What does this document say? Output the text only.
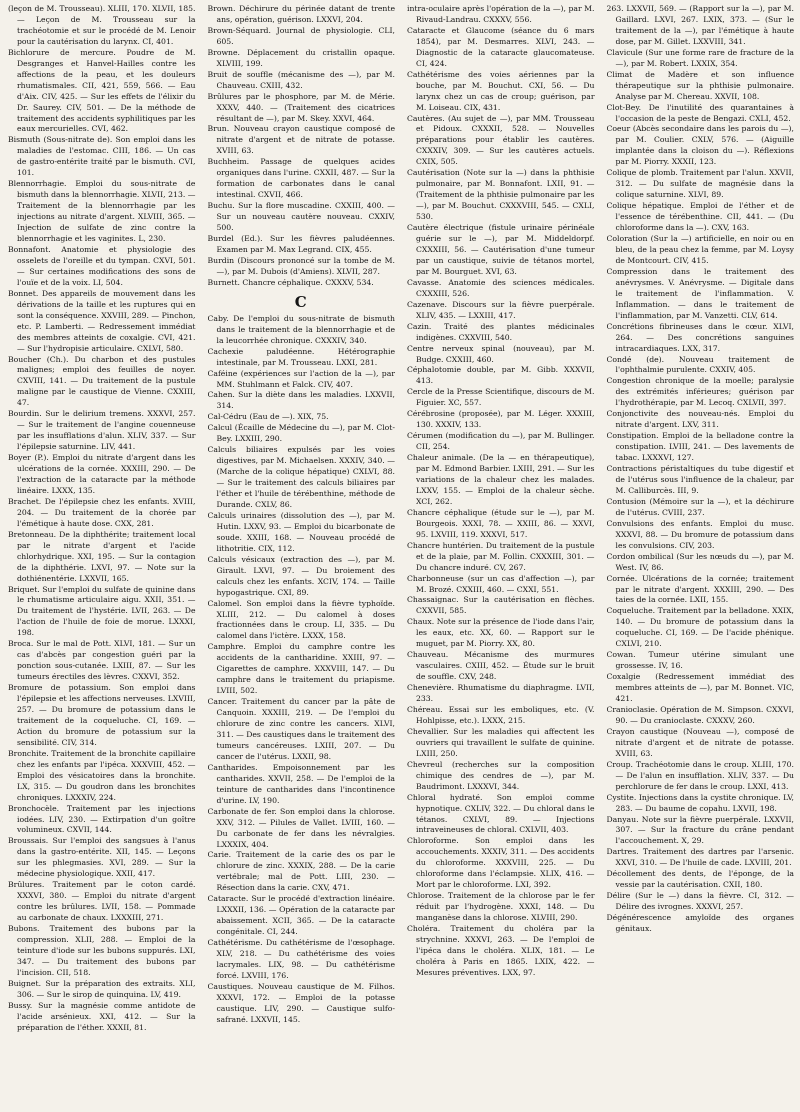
(leçon de M. Trousseau). XLIII, 170. XLVII, 185. — Leçon de M. Trousseau sur la trachéotomie et sur le procédé de M. Lenoir pour la cautérisation du larynx. CI, 401.

Bichlorure de mercure. Poudre de M. Desgranges et Hanvel-Hailles contre les affections de la peau, et les douleurs rhumatismales. CII, 421, 559, 566. — Eau d'Aix. CIV, 425. — Sur les effets de l'élixir du Dr. Saurey. CIV, 501. — De la méthode de traitement des accidents syphilitiques par les eaux mercurielles. CVI, 462.

Bismuth (Sous-nitrate de). Son emploi dans les maladies de l'estomac. CIII, 186. — Un cas de gastro-entérite traité par le bismuth. CVI, 101.

Blennorrhagie. Emploi du sous-nitrate de bismuth dans la blennorrhagie. XLVII, 213. — Traitement de la blennorrhagie par les injections au nitrate d'argent. XLVIII, 365. — Injection de sulfate de zinc contre la blennorrhagie et les vaginites. L, 230.

Bonnafont. Anatomie et physiologie des osselets de l'oreille et du tympan. CXVI, 501. — Sur certaines modifications des sons de l'ouïe et de la voix. LI, 504.

Bonnet. Des appareils de mouvement dans les dérivations de la taille et les ruptures qui en sont la conséquence. XXVIII, 289. — Pinchon, etc. P. Lamberti. — Redressement immédiat des membres atteints de coxalgie. CVI, 421. — Sur l'hydropisie articulaire. CXLVI, 580.

Boucher (Ch.). Du charbon et des pustules malignes; emploi des feuilles de noyer. CXVIII, 141. — Du traitement de la pustule maligne par le caustique de Vienne. CXXIII, 47.

Bourdin. Sur le delirium tremens. XXXVI, 257. — Sur le traitement de l'angine couenneuse par les insufflations d'alun. XLIV, 337. — Sur l'épilepsie saturnine. LIV, 441.

Boyer (P.). Emploi du nitrate d'argent dans les ulcérations de la cornée. XXXIII, 290. — De l'extraction de la cataracte par la méthode linéaire. LXXX, 135.

Brachet. De l'épilepsie chez les enfants. XVIII, 204. — Du traitement de la chorée par l'émétique à haute dose. CXX, 281.

Bretonneau. De la diphthérite; traitement local par le nitrate d'argent et l'acide chlorhydrique. XXI, 195. — Sur la contagion de la diphthérie. LXVI, 97. — Note sur la dothiénentérie. LXXVII, 165.

Briquet. Sur l'emploi du sulfate de quinine dans le rhumatisme articulaire aigu. XXII, 351. — Du traitement de l'hystérie. LVII, 263. — De l'action de l'huile de foie de morue. LXXXI, 198.

Broca. Sur le mal de Pott. XLVI, 181. — Sur un cas d'abcès par congestion guéri par la ponction sous-cutanée. LXIII, 87. — Sur les tumeurs érectiles des lèvres. CXXVI, 352.

Bromure de potassium. Son emploi dans l'épilepsie et les affections nerveuses. LXVIII, 257. — Du bromure de potassium dans le traitement de la coqueluche. CI, 169. — Action du bromure de potassium sur la sensibilité. CIV, 314.

Bronchite. Traitement de la bronchite capillaire chez les enfants par l'ipéca. XXXVIII, 452. — Emploi des vésicatoires dans la bronchite. LX, 315. — Du goudron dans les bronchites chroniques. LXXXIV, 224.

Bronchocèle. Traitement par les injections iodées. LIV, 230. — Extirpation d'un goître volumineux. CXVII, 144.

Broussais. Sur l'emploi des sangsues à l'anus dans la gastro-entérite. XII, 145. — Leçons sur les phlegmasies. XVI, 289. — Sur la médecine physiologique. XXII, 417.

Brûlures. Traitement par le coton cardé. XXXVI, 380. — Emploi du nitrate d'argent contre les brûlures. LVII, 158. — Pommade au carbonate de chaux. LXXXIII, 271.

Bubons. Traitement des bubons par la compression. XLII, 288. — Emploi de la teinture d'iode sur les bubons suppurés. LXI, 347. — Du traitement des bubons par l'incision. CII, 518.

Buignet. Sur la préparation des extraits. XLI, 306. — Sur le sirop de quinquina. LV, 419.

Bussy. Sur la magnésie comme antidote de l'acide arsénieux. XXI, 412. — Sur la préparation de l'éther. XXXII, 81.

Brown. Déchirure du périnée datant de trente ans, opération, guérison. LXXVI, 204.

Brown-Séquard. Journal de physiologie. CLI, 605.

Browne. Déplacement du cristallin opaque. XLVIII, 199.

Bruit de souffle (mécanisme des —), par M. Chauveau. CXIII, 432.

Brûlures par le phosphore, par M. de Mérie. XXXV, 440. — (Traitement des cicatrices résultant de —), par M. Skey. XXVI, 464.

Brun. Nouveau crayon caustique composé de nitrate d'argent et de nitrate de potasse. XVIII, 63.

Buchheim. Passage de quelques acides organiques dans l'urine. CXXII, 487. — Sur la formation de carbonates dans le canal intestinal. CXVII, 466.

Buchu. Sur la flore muscadine. CXXIII, 400. — Sur un nouveau cautère nouveau. CXXIV, 500.

Burdel (Ed.). Sur les fièvres paludéennes. Examen par M. Max Legrand. CIX, 455.

Burdin (Discours prononcé sur la tombe de M. —), par M. Dubois (d'Amiens). XLVII, 287.

Burnett. Chancre céphalique. CXXXV, 534.

C

Caby. De l'emploi du sous-nitrate de bismuth dans le traitement de la blennorrhagie et de la leucorrhée chronique. CXXXIV, 340.

Cachexie paludéenne. Hétérographie intestinale, par M. Trousseau. LXXI, 281.

Caféine (expériences sur l'action de la —), par MM. Stuhlmann et Falck. CIV, 407.

Cahen. Sur la diète dans les maladies. LXXVII, 314.

Cal-Cédru (Eau de —). XIX, 75.

Calcul (Écaille de Médecine du —), par M. Clot-Bey. LXXIII, 290.

Calculs biliaires expulsés par les voies digestives, par M. Michaelsen. XXXIV, 340. — (Marche de la colique hépatique) CXLVI, 88. — Sur le traitement des calculs biliaires par l'éther et l'huile de térébenthine, méthode de Durande. CXLV, 86.

Calculs urinaires (dissolution des —), par M. Hutin. LXXV, 93. — Emploi du bicarbonate de soude. XXIII, 168. — Nouveau procédé de lithotritie. CIX, 112.

Calculs vésicaux (extraction des —), par M. Girault. LXVI, 97. — Du broiement des calculs chez les enfants. XCIV, 174. — Taille hypogastrique. CXI, 89.

Calomel. Son emploi dans la fièvre typhoïde. XLIII, 212. — Du calomel à doses fractionnées dans le croup. LI, 335. — Du calomel dans l'ictère. LXXX, 158.

Camphre. Emploi du camphre contre les accidents de la cantharidine. XXIII, 97. — Cigarettes de camphre. XXXVIII, 147. — Du camphre dans le traitement du priapisme. LVIII, 502.

Cancer. Traitement du cancer par la pâte de Canquoin. XXXIII, 219. — De l'emploi du chlorure de zinc contre les cancers. XLVI, 311. — Des caustiques dans le traitement des tumeurs cancéreuses. LXIII, 207. — Du cancer de l'utérus. LXXII, 98.

Cantharides. Empoisonnement par les cantharides. XXVII, 258. — De l'emploi de la teinture de cantharides dans l'incontinence d'urine. LV, 190.

Carbonate de fer. Son emploi dans la chlorose. XXV, 312. — Pilules de Vallet. LVIII, 160. — Du carbonate de fer dans les névralgies. LXXXIX, 404.

Carie. Traitement de la carie des os par le chlorure de zinc. XXXIX, 288. — De la carie vertébrale; mal de Pott. LIII, 230. — Résection dans la carie. CXV, 471.

Cataracte. Sur le procédé d'extraction linéaire. LXXXII, 136. — Opération de la cataracte par abaissement. XCII, 365. — De la cataracte congénitale. CI, 244.

Cathétérisme. Du cathétérisme de l'œsophage. XLV, 218. — Du cathétérisme des voies lacrymales. LIX, 98. — Du cathétérisme forcé. LXVIII, 176.

Caustiques. Nouveau caustique de M. Filhos. XXXVI, 172. — Emploi de la potasse caustique. LIV, 290. — Caustique sulfo-safrané. LXXVII, 145.

intra-oculaire après l'opération de la —), par M. Rivaud-Landrau. CXXXV, 556.

Cataracte et Glaucome (séance du 6 mars 1854), par M. Desmarres. XLVI, 243. — Diagnostic de la cataracte glaucomateuse. CI, 424.

Cathétérisme des voies aériennes par la bouche, par M. Bouchut. CXI, 56. — Du larynx chez un cas de croup; guérison, par M. Loiseau. CIX, 431.

Cautères. (Au sujet de —), par MM. Trousseau et Pidoux. CXXXII, 528. — Nouvelles préparations pour établir les cautères. CXXXIV, 309. — Sur les cautères actuels. CXIX, 505.

Cautérisation (Note sur la —) dans la phthisie pulmonaire, par M. Bonnafont. LXII, 91. — (Traitement de la phthisie pulmonaire par les —), par M. Bouchut. CXXXVIII, 545. — CXLI, 530.

Cautère électrique (fistule urinaire périnéale guérie sur le —), par M. Middeldorpf. CXXXIII, 56. — Cautérisation d'une tumeur par un caustique, suivie de tétanos mortel, par M. Bourguet. XVI, 63.

Cavasse. Anatomie des sciences médicales. CXXXIII, 526.

Cazenave. Discours sur la fièvre puerpérale. XLIV, 435. — LXXIII, 417.

Cazin. Traité des plantes médicinales indigènes. CXXVIII, 540.

Centre nerveux spinal (nouveau), par M. Budge. CXXIII, 460.

Céphalotomie double, par M. Gibb. XXXVII, 413.

Cercle de la Presse Scientifique, discours de M. Figuier. XC, 557.

Cérébrosine (proposée), par M. Léger. XXXIII, 130. XXXIV, 133.

Cérumen (modification du —), par M. Bullinger. CII, 254.

Chaleur animale. (De la — en thérapeutique), par M. Edmond Barbier. LXIII, 291. — Sur les variations de la chaleur chez les malades. LXXV, 155. — Emploi de la chaleur sèche. XCI, 262.

Chancre céphalique (étude sur le —), par M. Bourgeois. XXXI, 78. — XXIII, 86. — XXVI, 95. LXVIII, 119. XXXVI, 517.

Chancre huntérien. Du traitement de la pustule et de la plaie, par M. Follin. CXXXIII, 301. — Du chancre induré. CV, 267.

Charbonneuse (sur un cas d'affection —), par M. Brozé. CXXIII, 460. — CXXI, 551.

Chassaignac. Sur la cautérisation en flèches. CXXVII, 585.

Chaux. Note sur la présence de l'iode dans l'air, les eaux, etc. XX, 60. — Rapport sur le muguet, par M. Piorry. XX, 80.

Chauveau. Mécanisme des murmures vasculaires. CXIII, 452. — Étude sur le bruit de souffle. CXV, 248.

Chenevière. Rhumatisme du diaphragme. LVII, 233.

Chéreau. Essai sur les emboliques, etc. (V. Hohlpisse, etc.). LXXX, 215.

Chevallier. Sur les maladies qui affectent les ouvriers qui travaillent le sulfate de quinine. LXIII, 250.

Chevreul (recherches sur la composition chimique des cendres de —), par M. Baudrimont. LXXXVI, 344.

Chloral hydraté. Son emploi comme hypnotique. CXLIV, 322. — Du chloral dans le tétanos. CXLVI, 89. — Injections intraveineuses de chloral. CXLVII, 403.

Chloroforme. Son emploi dans les accouchements. XXXIV, 311. — Des accidents du chloroforme. XXXVIII, 225. — Du chloroforme dans l'éclampsie. XLIX, 416. — Mort par le chloroforme. LXI, 392.

Chlorose. Traitement de la chlorose par le fer réduit par l'hydrogène. XXXI, 148. — Du manganèse dans la chlorose. XLVIII, 290.

Choléra. Traitement du choléra par la strychnine. XXXVI, 263. — De l'emploi de l'ipéca dans le choléra. XLIX, 181. — Le choléra à Paris en 1865. LXIX, 422. — Mesures préventives. LXX, 97.

263. LXXVII, 569. — (Rapport sur la —), par M. Gaillard. LXVI, 267. LXIX, 373. — (Sur le traitement de la —), par l'émétique à haute dose, par M. Gillet. LXXVIII, 341.

Clavicule (Sur une forme rare de fracture de la —), par M. Robert. LXXIX, 354.

Climat de Madère et son influence thérapeutique sur la phthisie pulmonaire. Analyse par M. Chereau. XXVII, 108.

Clot-Bey. De l'inutilité des quarantaines à l'occasion de la peste de Bengazi. CXLI, 452.

Coeur (Abcès secondaire dans les parois du —), par M. Coulier. CXLV, 576. — (Aiguille implantée dans la cloison du —). Réflexions par M. Piorry. XXXII, 123.

Colique de plomb. Traitement par l'alun. XXVII, 312. — Du sulfate de magnésie dans la colique saturnine. XLVI, 89.

Colique hépatique. Emploi de l'éther et de l'essence de térébenthine. CII, 441. — (Du chloroforme dans la —). CXV, 163.

Coloration (Sur la —) artificielle, en noir ou en bleu, de la peau chez la femme, par M. Loysy de Montcourt. CIV, 415.

Compression dans le traitement des anévrysmes. V. Anévrysme. — Digitale dans le traitement de l'inflammation. V. Inflammation. — dans le traitement de l'inflammation, par M. Vanzetti. CLV, 614.

Concrétions fibrineuses dans le cœur. XLVI, 264. — Des concrétions sanguines intracardiaques. LXX, 317.

Condé (de). Nouveau traitement de l'ophthalmie purulente. CXXIV, 405.

Congestion chronique de la moelle; paralysie des extrémités inférieures; guérison par l'hydrothérapie, par M. Lecoq. CXLVII, 397.

Conjonctivite des nouveau-nés. Emploi du nitrate d'argent. LXV, 311.

Constipation. Emploi de la belladone contre la constipation. LVIII, 241. — Des lavements de tabac. LXXXVI, 127.

Contractions péristaltiques du tube digestif et de l'utérus sous l'influence de la chaleur, par M. Calliburcès. III, 9.

Contusion (Mémoire sur la —), et la déchirure de l'utérus. CVIII, 237.

Convulsions des enfants. Emploi du musc. XXXVI, 88. — Du bromure de potassium dans les convulsions. CIV, 203.

Cordon ombilical (Sur les nœuds du —), par M. West. IV, 86.

Cornée. Ulcérations de la cornée; traitement par le nitrate d'argent. XXXIII, 290. — Des taies de la cornée. LXII, 155.

Coqueluche. Traitement par la belladone. XXIX, 140. — Du bromure de potassium dans la coqueluche. CI, 169. — De l'acide phénique. CXLVI, 210.

Cowan. Tumeur utérine simulant une grossesse. IV, 16.

Coxalgie (Redressement immédiat des membres atteints de —), par M. Bonnet. VIC, 421.

Cranioclasie. Opération de M. Simpson. CXXVI, 90. — Du cranioclaste. CXXXV, 260.

Crayon caustique (Nouveau —), composé de nitrate d'argent et de nitrate de potasse. XVIII, 63.

Croup. Trachéotomie dans le croup. XLIII, 170. — De l'alun en insufflation. XLIV, 337. — Du perchlorure de fer dans le croup. LXXI, 413.

Cystite. Injections dans la cystite chronique. LV, 283. — Du baume de copahu. LXVII, 198.

Danyau. Note sur la fièvre puerpérale. LXXVII, 307. — Sur la fracture du crâne pendant l'accouchement. X, 29.

Dartres. Traitement des dartres par l'arsenic. XXVI, 310. — De l'huile de cade. LXVIII, 201.

Décollement des dents, de l'éponge, de la vessie par la cautérisation. CXII, 180.

Délire (Sur le —) dans la fièvre. CI, 312. — Délire des ivrognes. XXXVI, 257.

Dégénérescence amyloïde des organes génitaux.
